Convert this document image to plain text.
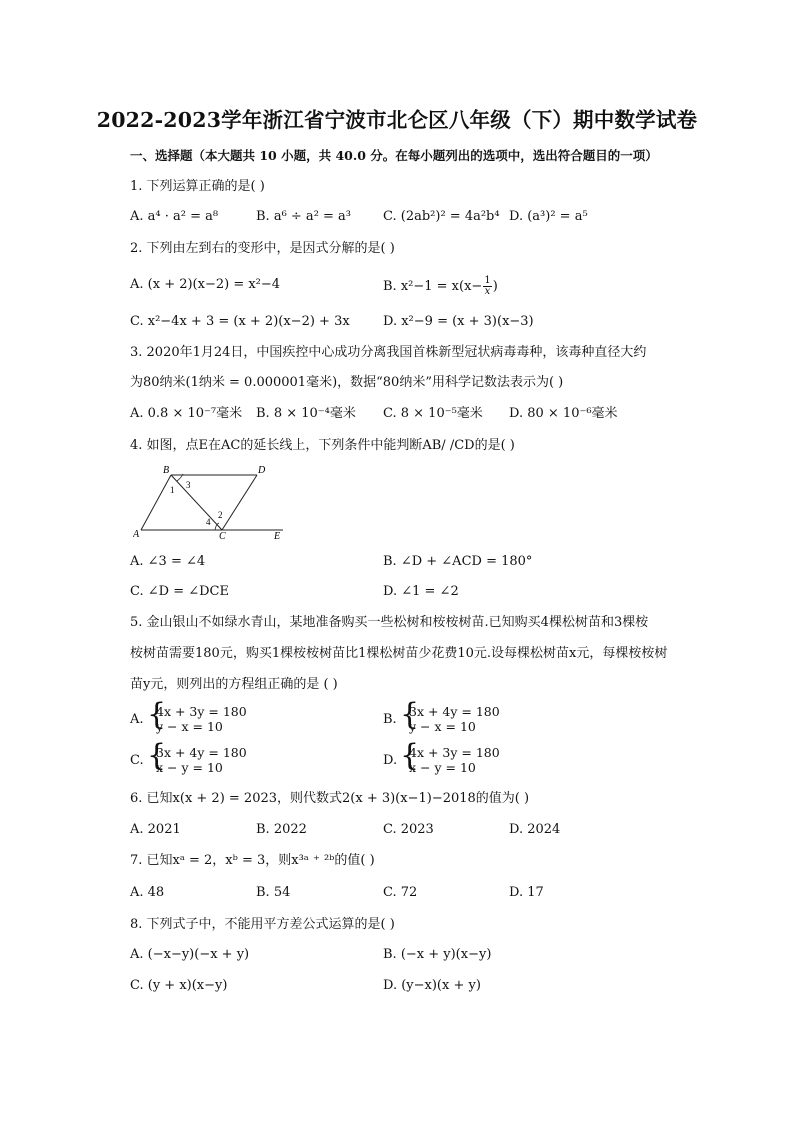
2022-2023学年浙江省宁波市北仑区八年级（下）期中数学试卷
一、选择题（本大题共 10 小题，共 40.0 分。在每小题列出的选项中，选出符合题目的一项）
1. 下列运算正确的是( )
A. a⁴ · a² = a⁸	B. a⁶ ÷ a² = a³ C. (2ab²)² = 4a²b⁴ D. (a³)² = a⁵
2. 下列由左到右的变形中，是因式分解的是( )
A. (x + 2)(x−2) = x²−4	B. $x^2-1 = x(x- \frac{1}{x}$ )
C. x²−4x + 3 = (x + 2)(x−2) + 3x	D. x²−9 = (x + 3)(x−3)
3. 2020年1月24日，中国疾控中心成功分离我国首株新型冠状病毒毒种，该毒种直径大约
为80纳米(1纳米 = 0.000001毫米)，数据“80纳米”用科学记数法表示为( )
A. 0.8 × 10⁻⁷毫米 B. 8 × 10⁻⁴毫米 C. 8 × 10⁻⁵毫米 D. 80 × 10⁻⁶毫米
4. 如图，点E在AC的延长线上，下列条件中能判断AB/ /CD的是( )
B	D
A	C	E
1 3
2
4
A. ∠3 = ∠4	B. ∠D + ∠ACD = 180°
C. ∠D = ∠DCE	D. ∠1 = ∠2
5. 金山银山不如绿水青山，某地准备购买一些松树和桉桉树苗.已知购买4棵松树苗和3棵桉
桉树苗需要180元，购买1棵桉桉树苗比1棵松树苗少花费10元.设每棵松树苗x元，每棵桉桉树
苗y元，则列出的方程组正确的是 ( )
A. {
4x + 3y = 180
y − x = 10	B. {
3x + 4y = 180
y − x = 10
C. {
3x + 4y = 180
x − y = 10	D. {
4x + 3y = 180
x − y = 10
6. 已知x(x + 2) = 2023，则代数式2(x + 3)(x−1)−2018的值为( )
A. 2021	B. 2022	C. 2023	D. 2024
7. 已知xᵃ = 2，xᵇ = 3，则x³ᵃ ⁺ ²ᵇ的值( )
A. 48	B. 54	C. 72	D. 17
8. 下列式子中，不能用平方差公式运算的是( )
A. (−x−y)(−x + y)	B. (−x + y)(x−y)
C. (y + x)(x−y)	D. (y−x)(x + y)
